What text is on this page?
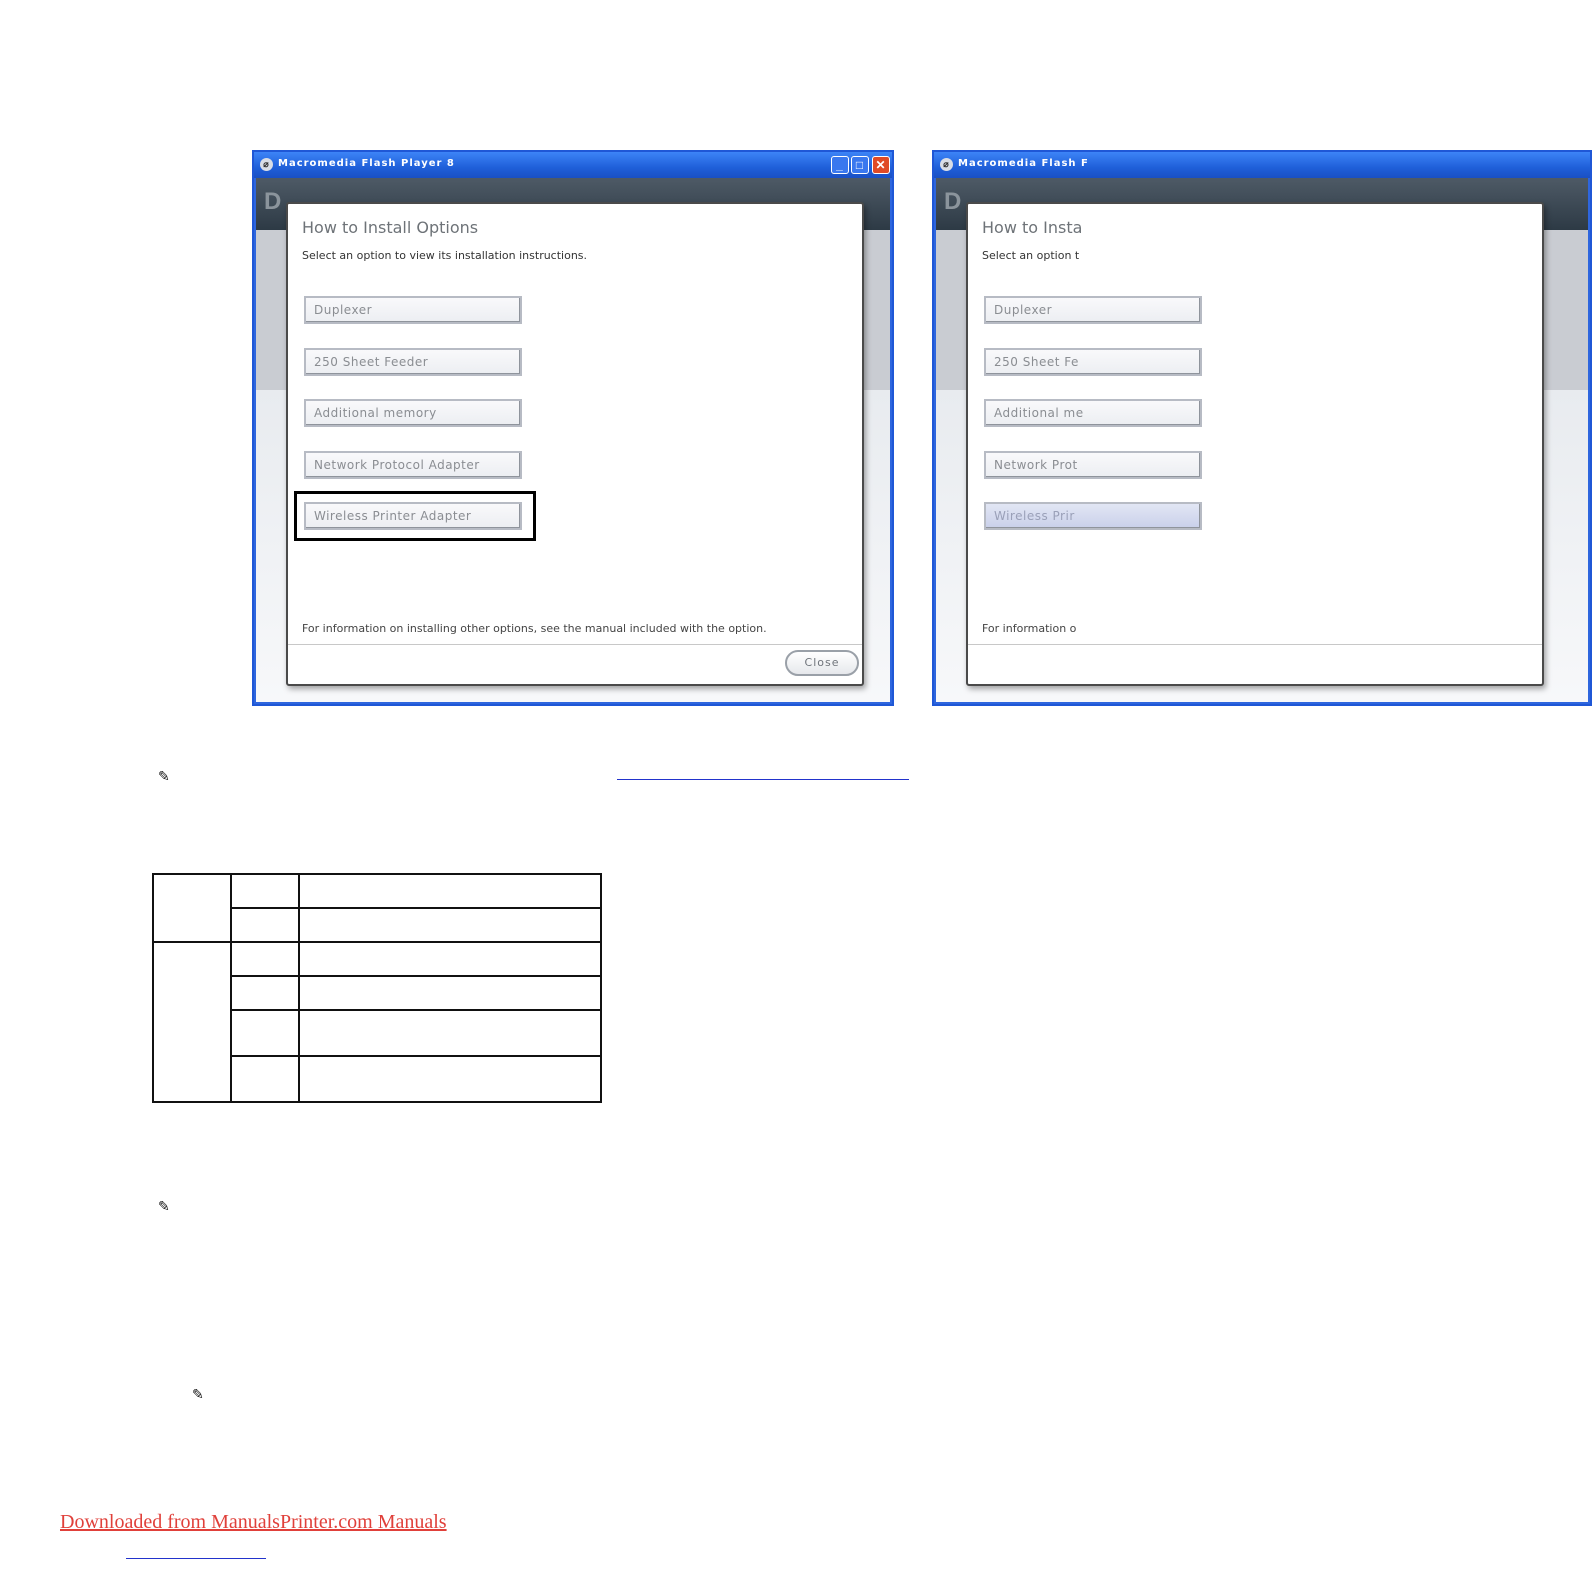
⌀ Macromedia Flash Player 8	_	□ ✕
D
How to Install Options
Select an option to view its installation instructions.
Duplexer
250 Sheet Feeder
Additional memory
Network Protocol Adapter
Wireless Printer Adapter
For information on installing other options, see the manual included with the option.
Close
⌀ Macromedia Flash F
D
How to Insta
Select an option t
Duplexer
250 Sheet Fe
Additional me
Network Prot
Wireless Prir
For information o
✎

✎
✎
Downloaded from ManualsPrinter.com Manuals
